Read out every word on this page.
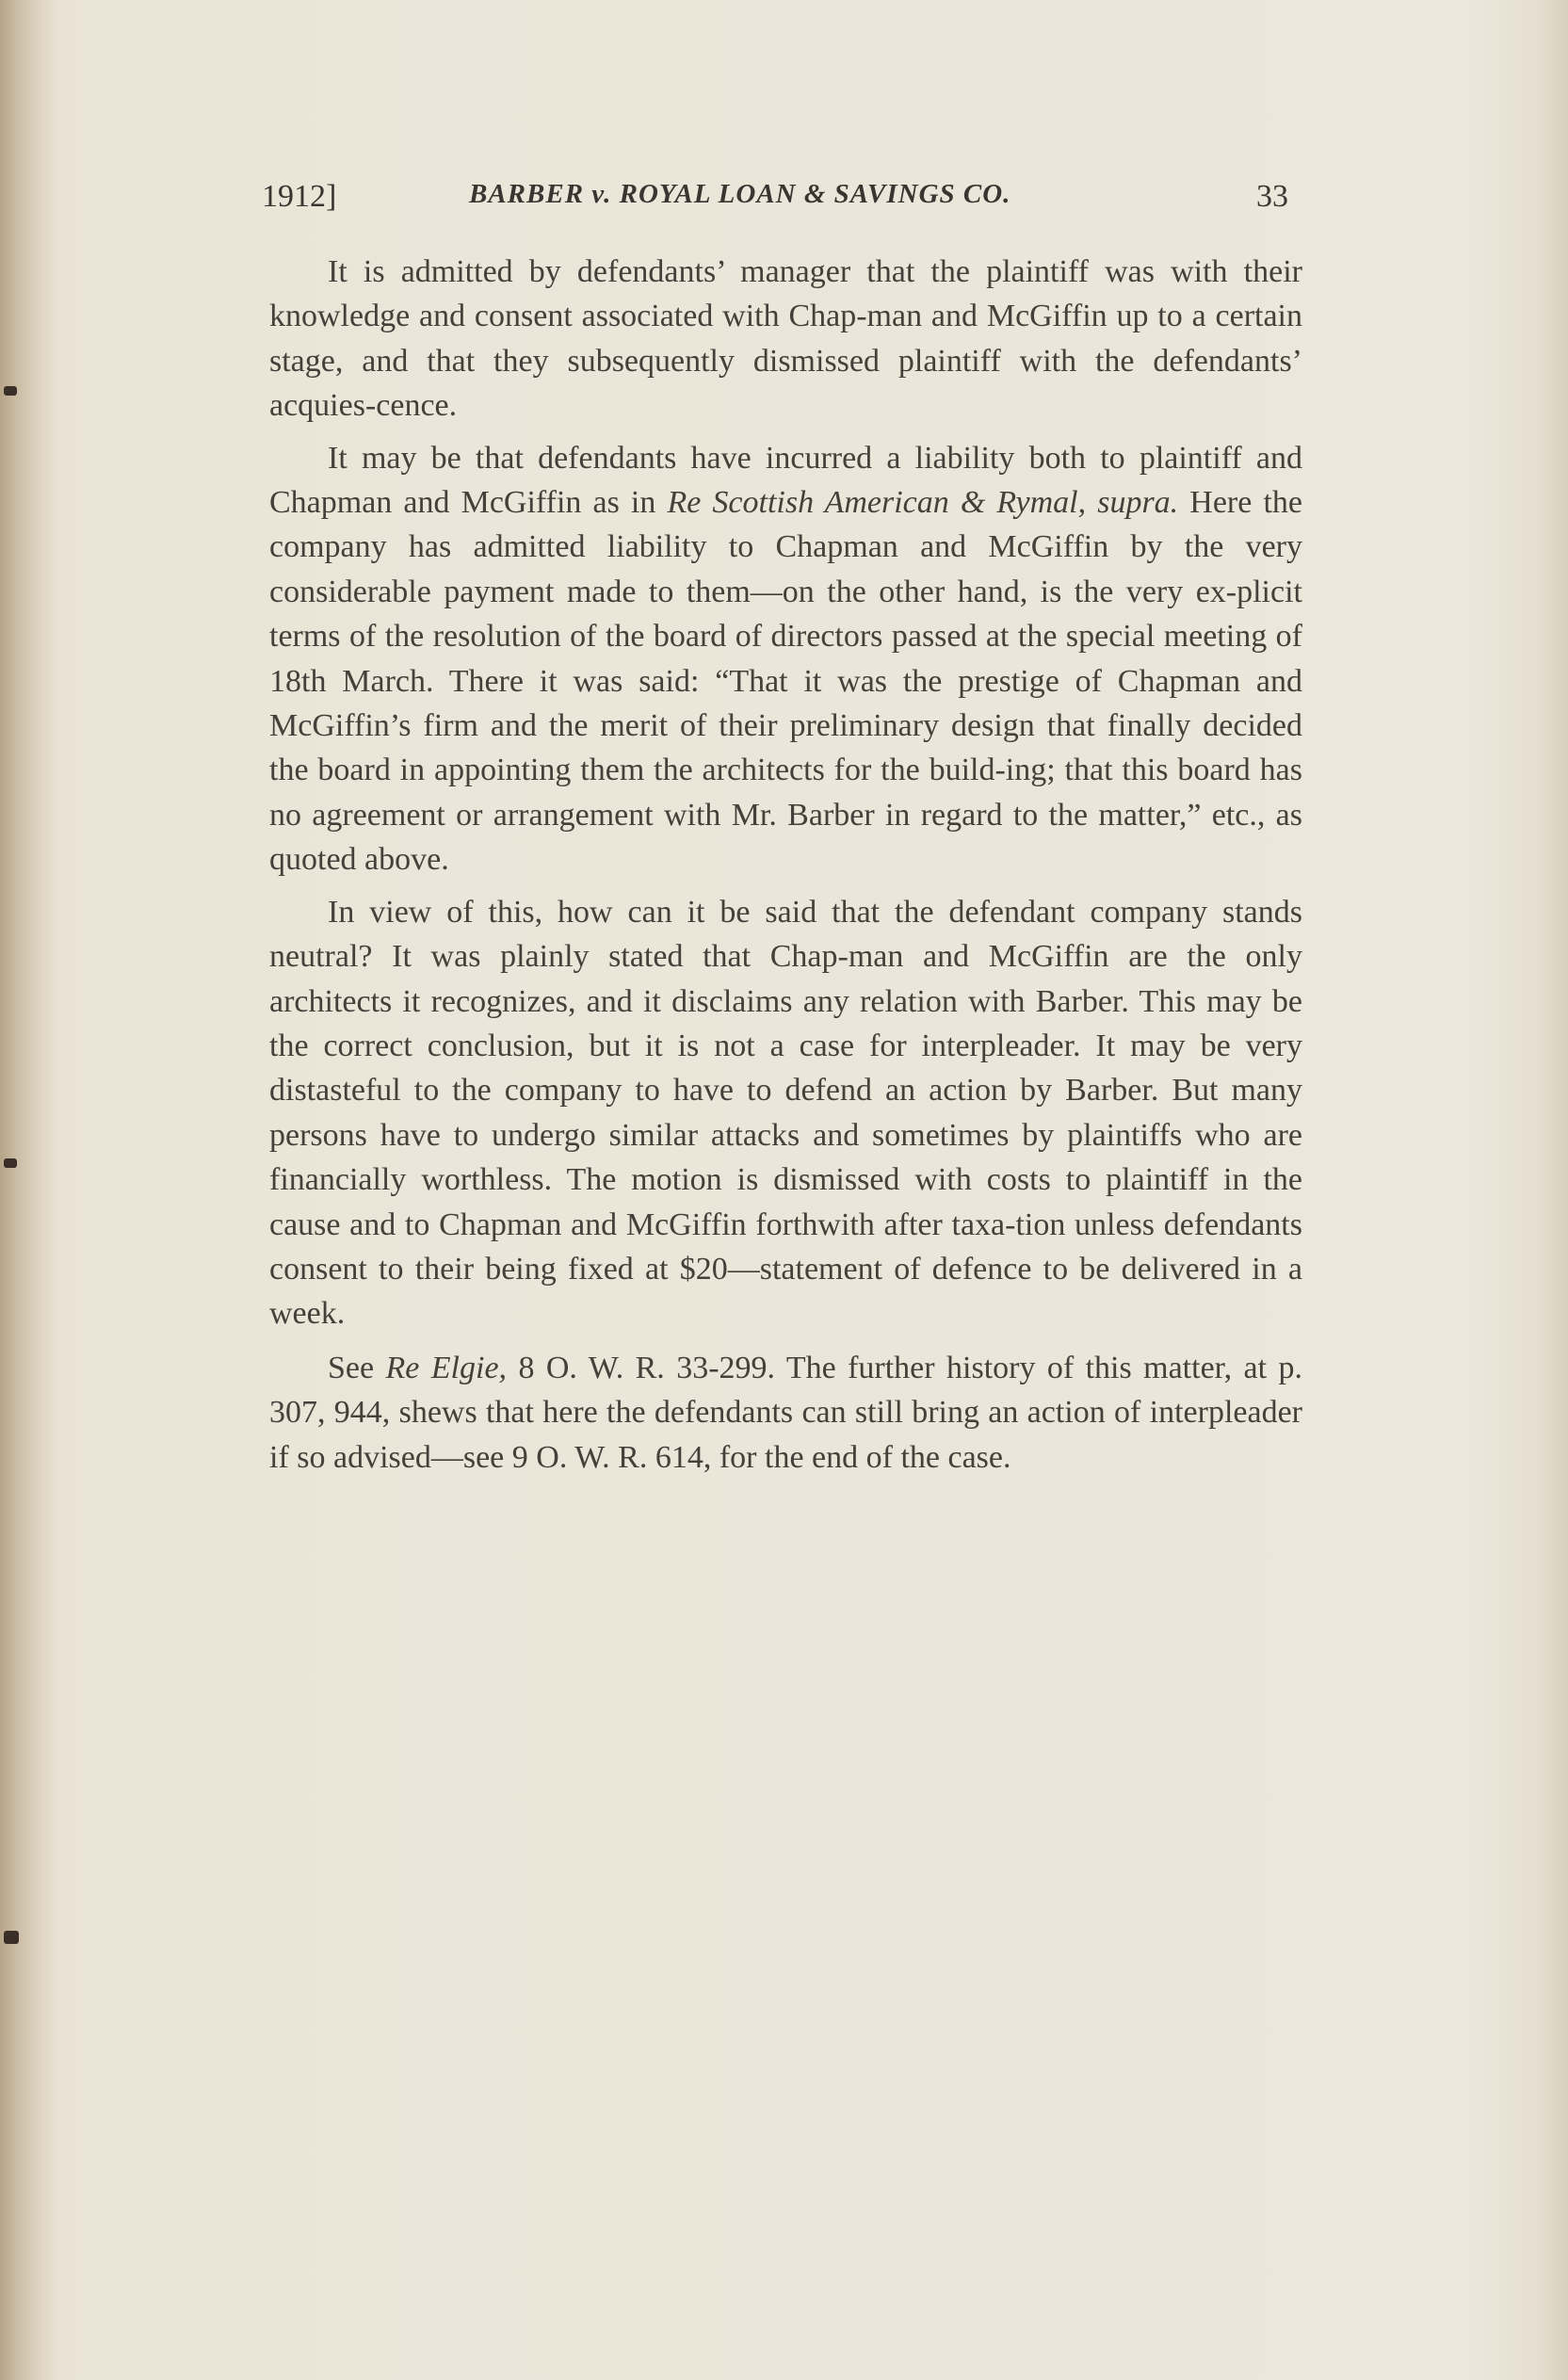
1912]	BARBER v. ROYAL LOAN & SAVINGS CO.	33

It is admitted by defendants’ manager that the plaintiff was with their knowledge and consent associated with Chap-man and McGiffin up to a certain stage, and that they subsequently dismissed plaintiff with the defendants’ acquies-cence.

It may be that defendants have incurred a liability both to plaintiff and Chapman and McGiffin as in Re Scottish American & Rymal, supra. Here the company has admitted liability to Chapman and McGiffin by the very considerable payment made to them—on the other hand, is the very ex-plicit terms of the resolution of the board of directors passed at the special meeting of 18th March. There it was said: “That it was the prestige of Chapman and McGiffin’s firm and the merit of their preliminary design that finally decided the board in appointing them the architects for the build-ing; that this board has no agreement or arrangement with Mr. Barber in regard to the matter,” etc., as quoted above.

In view of this, how can it be said that the defendant company stands neutral? It was plainly stated that Chap-man and McGiffin are the only architects it recognizes, and it disclaims any relation with Barber. This may be the correct conclusion, but it is not a case for interpleader. It may be very distasteful to the company to have to defend an action by Barber. But many persons have to undergo similar attacks and sometimes by plaintiffs who are financially worthless. The motion is dismissed with costs to plaintiff in the cause and to Chapman and McGiffin forthwith after taxa-tion unless defendants consent to their being fixed at $20—statement of defence to be delivered in a week.

See Re Elgie, 8 O. W. R. 33-299. The further history of this matter, at p. 307, 944, shews that here the defendants can still bring an action of interpleader if so advised—see 9 O. W. R. 614, for the end of the case.
